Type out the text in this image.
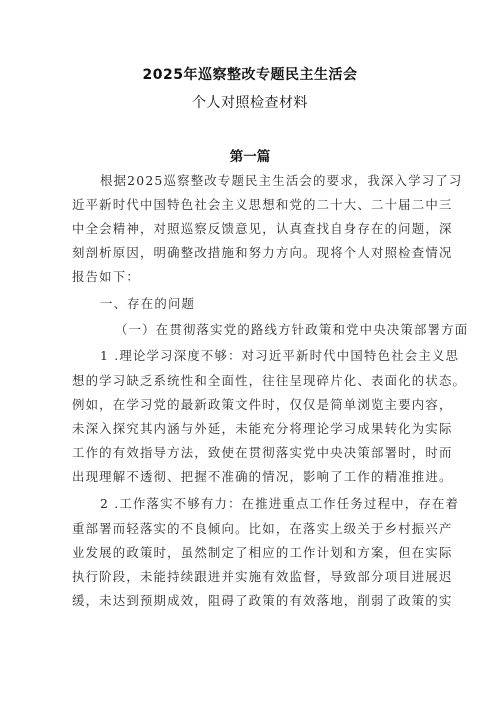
2025年巡察整改专题民主生活会
个人对照检查材料
第一篇
根据2025巡察整改专题民主生活会的要求，我深入学习了习
近平新时代中国特色社会主义思想和党的二十大、二十届二中三
中全会精神，对照巡察反馈意见，认真查找自身存在的问题，深
刻剖析原因，明确整改措施和努力方向。现将个人对照检查情况
报告如下：
一、存在的问题
（一）在贯彻落实党的路线方针政策和党中央决策部署方面
1 .理论学习深度不够：对习近平新时代中国特色社会主义思
想的学习缺乏系统性和全面性，往往呈现碎片化、表面化的状态。
例如，在学习党的最新政策文件时，仅仅是简单浏览主要内容，
未深入探究其内涵与外延，未能充分将理论学习成果转化为实际
工作的有效指导方法，致使在贯彻落实党中央决策部署时，时而
出现理解不透彻、把握不准确的情况，影响了工作的精准推进。
2 .工作落实不够有力：在推进重点工作任务过程中，存在着
重部署而轻落实的不良倾向。比如，在落实上级关于乡村振兴产
业发展的政策时，虽然制定了相应的工作计划和方案，但在实际
执行阶段，未能持续跟进并实施有效监督，导致部分项目进展迟
缓，未达到预期成效，阻碍了政策的有效落地，削弱了政策的实
